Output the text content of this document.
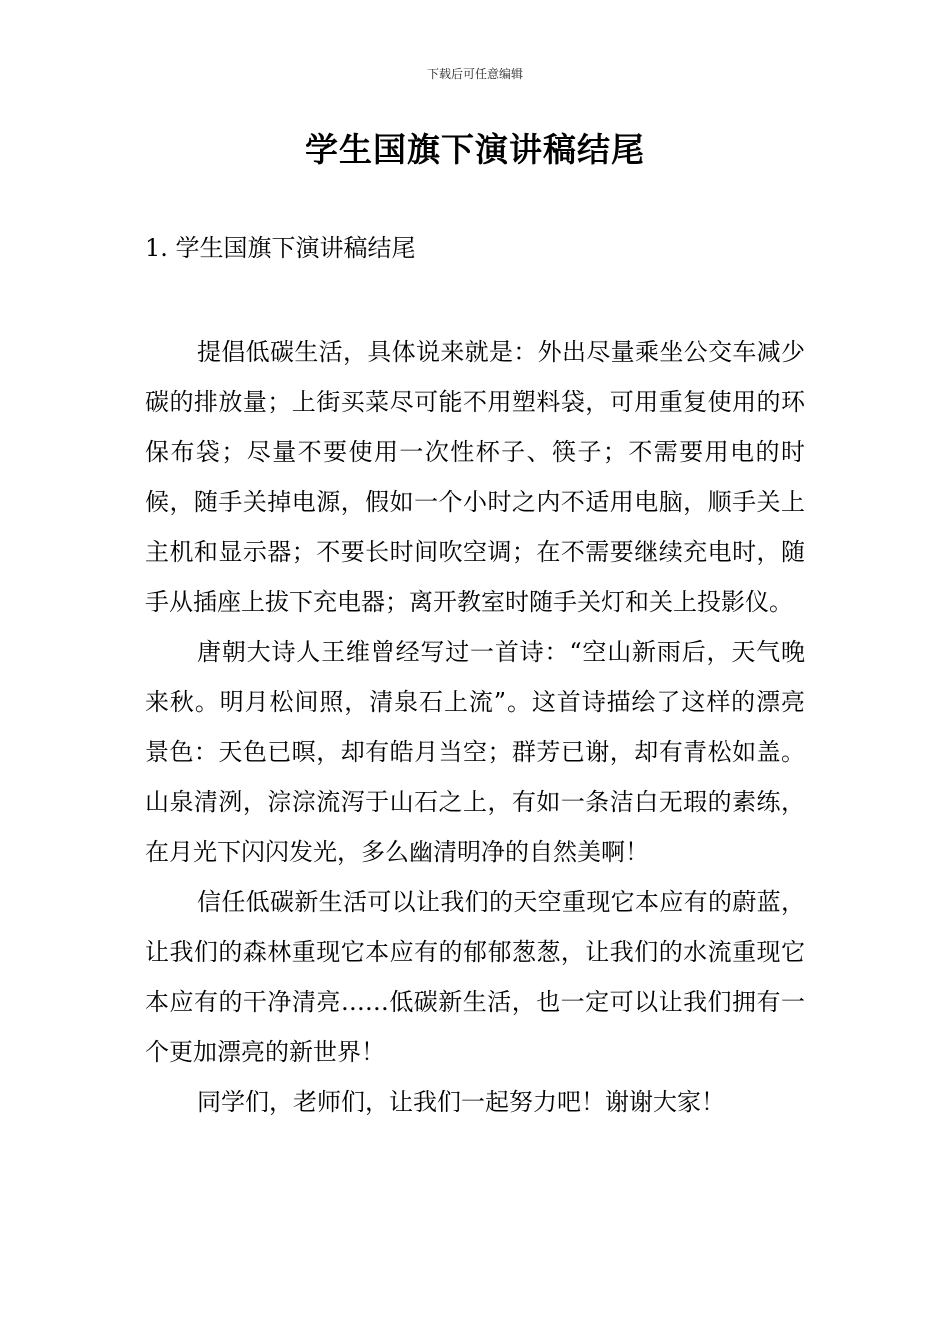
下载后可任意编辑
学生国旗下演讲稿结尾
1. 学生国旗下演讲稿结尾

提倡低碳生活，具体说来就是：外出尽量乘坐公交车减少碳的排放量；上街买菜尽可能不用塑料袋，可用重复使用的环保布袋；尽量不要使用一次性杯子、筷子；不需要用电的时候，随手关掉电源，假如一个小时之内不适用电脑，顺手关上主机和显示器；不要长时间吹空调；在不需要继续充电时，随手从插座上拔下充电器；离开教室时随手关灯和关上投影仪。

唐朝大诗人王维曾经写过一首诗：“空山新雨后，天气晚来秋。明月松间照，清泉石上流”。这首诗描绘了这样的漂亮景色：天色已暝，却有皓月当空；群芳已谢，却有青松如盖。山泉清洌，淙淙流泻于山石之上，有如一条洁白无瑕的素练，在月光下闪闪发光，多么幽清明净的自然美啊！

信任低碳新生活可以让我们的天空重现它本应有的蔚蓝，让我们的森林重现它本应有的郁郁葱葱，让我们的水流重现它本应有的干净清亮……低碳新生活，也一定可以让我们拥有一个更加漂亮的新世界！

同学们，老师们，让我们一起努力吧！谢谢大家！
